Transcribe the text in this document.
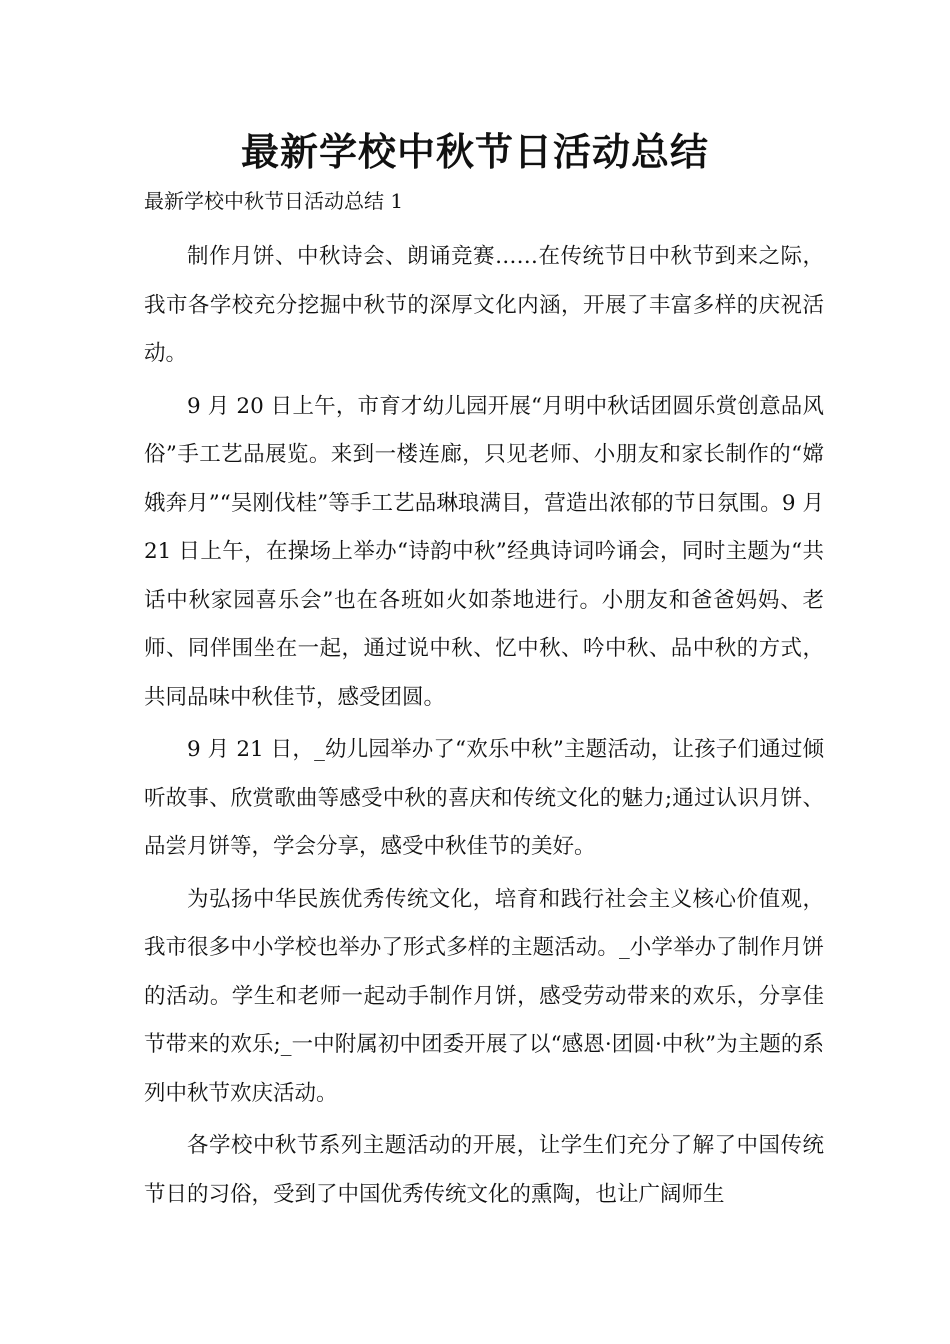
最新学校中秋节日活动总结
最新学校中秋节日活动总结 1

制作月饼、中秋诗会、朗诵竞赛……在传统节日中秋节到来之际，我市各学校充分挖掘中秋节的深厚文化内涵，开展了丰富多样的庆祝活动。

9 月 20 日上午，市育才幼儿园开展“月明中秋话团圆乐赏创意品风俗”手工艺品展览。来到一楼连廊，只见老师、小朋友和家长制作的“嫦娥奔月”“吴刚伐桂”等手工艺品琳琅满目，营造出浓郁的节日氛围。9 月 21 日上午，在操场上举办“诗韵中秋”经典诗词吟诵会，同时主题为“共话中秋家园喜乐会”也在各班如火如荼地进行。小朋友和爸爸妈妈、老师、同伴围坐在一起，通过说中秋、忆中秋、吟中秋、品中秋的方式，共同品味中秋佳节，感受团圆。

9 月 21 日，_幼儿园举办了“欢乐中秋”主题活动，让孩子们通过倾听故事、欣赏歌曲等感受中秋的喜庆和传统文化的魅力;通过认识月饼、品尝月饼等，学会分享，感受中秋佳节的美好。

为弘扬中华民族优秀传统文化，培育和践行社会主义核心价值观，我市很多中小学校也举办了形式多样的主题活动。_小学举办了制作月饼的活动。学生和老师一起动手制作月饼，感受劳动带来的欢乐，分享佳节带来的欢乐;_一中附属初中团委开展了以“感恩·团圆·中秋”为主题的系列中秋节欢庆活动。

各学校中秋节系列主题活动的开展，让学生们充分了解了中国传统节日的习俗，受到了中国优秀传统文化的熏陶，也让广阔师生
